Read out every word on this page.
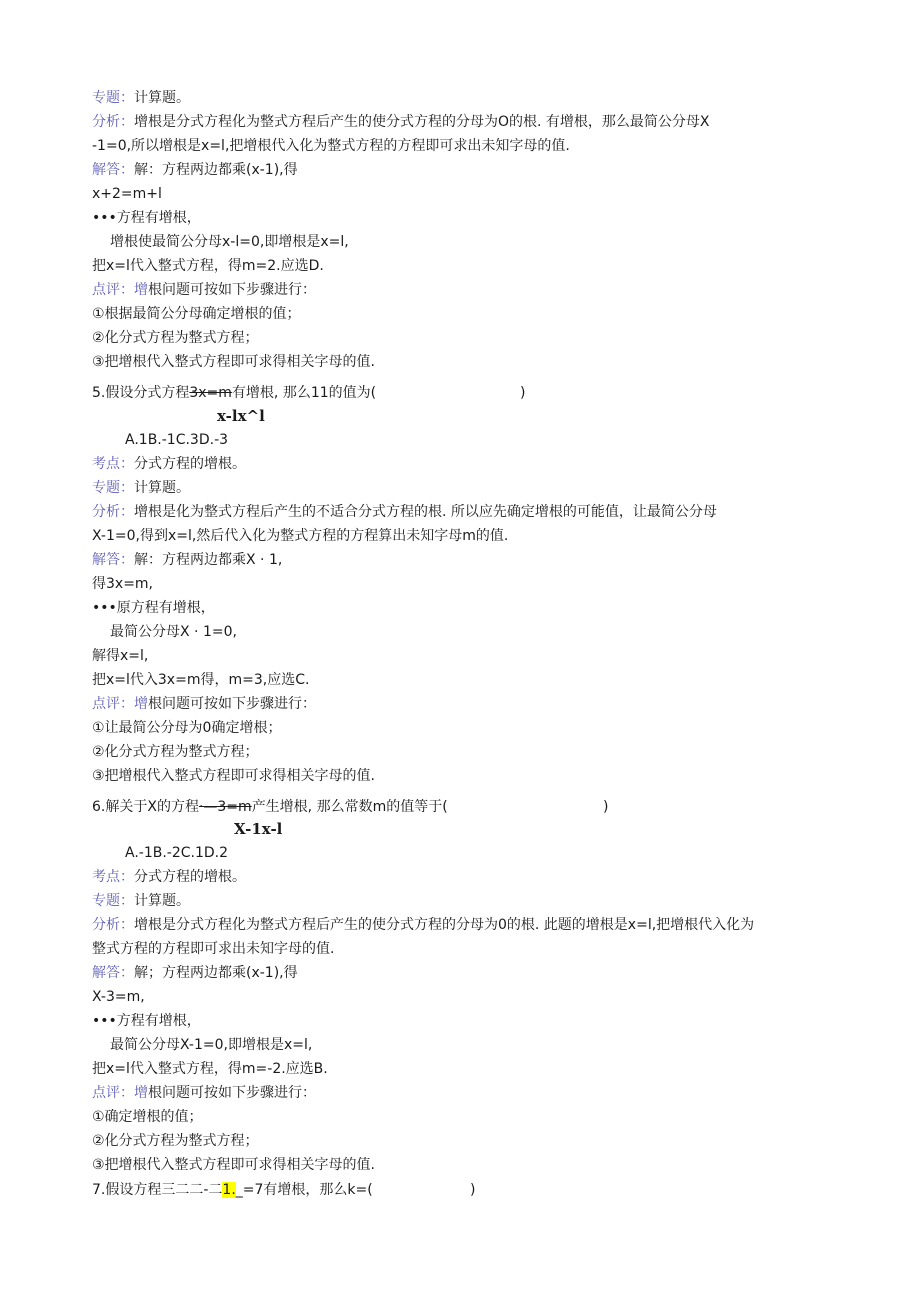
专题：计算题。
分析：增根是分式方程化为整式方程后产生的使分式方程的分母为O的根. 有增根，那么最简公分母X
-1=0,所以增根是x=l,把增根代入化为整式方程的方程即可求出未知字母的值.
解答：解：方程两边都乘(x-1),得
x+2=m+l
•••方程有增根，
增根使最简公分母x-l=0,即增根是x=l,
把x=l代入整式方程，得m=2.应选D.
点评：增根问题可按如下步骤进行：
①根据最简公分母确定增根的值；
②化分式方程为整式方程；
③把增根代入整式方程即可求得相关字母的值.
5.假设分式方程3x=m有增根, 那么11的值为(	)
x-lx^l
A.1B.-1C.3D.-3
考点：分式方程的增根。
专题：计算题。
分析：增根是化为整式方程后产生的不适合分式方程的根. 所以应先确定增根的可能值，让最简公分母
X-1=0,得到x=l,然后代入化为整式方程的方程算出未知字母m的值.
解答：解：方程两边都乘X · 1,
得3x=m,
•••原方程有增根，
最简公分母X · 1=0,
解得x=l,
把x=l代入3x=m得，m=3,应选C.
点评：增根问题可按如下步骤进行：
①让最简公分母为0确定增根；
②化分式方程为整式方程；
③把增根代入整式方程即可求得相关字母的值.
6.解关于X的方程·—3=m产生增根, 那么常数m的值等于(	)
X-1x-l
A.-1B.-2C.1D.2
考点：分式方程的增根。
专题：计算题。
分析：增根是分式方程化为整式方程后产生的使分式方程的分母为0的根. 此题的增根是x=l,把增根代入化为
整式方程的方程即可求出未知字母的值.
解答：解；方程两边都乘(x-1),得
X-3=m,
•••方程有增根，
最简公分母X-1=0,即增根是x=l,
把x=l代入整式方程，得m=-2.应选B.
点评：增根问题可按如下步骤进行：
①确定增根的值；
②化分式方程为整式方程；
③把增根代入整式方程即可求得相关字母的值.
7.假设方程三二二-二1._=7有增根，那么k=(	)
